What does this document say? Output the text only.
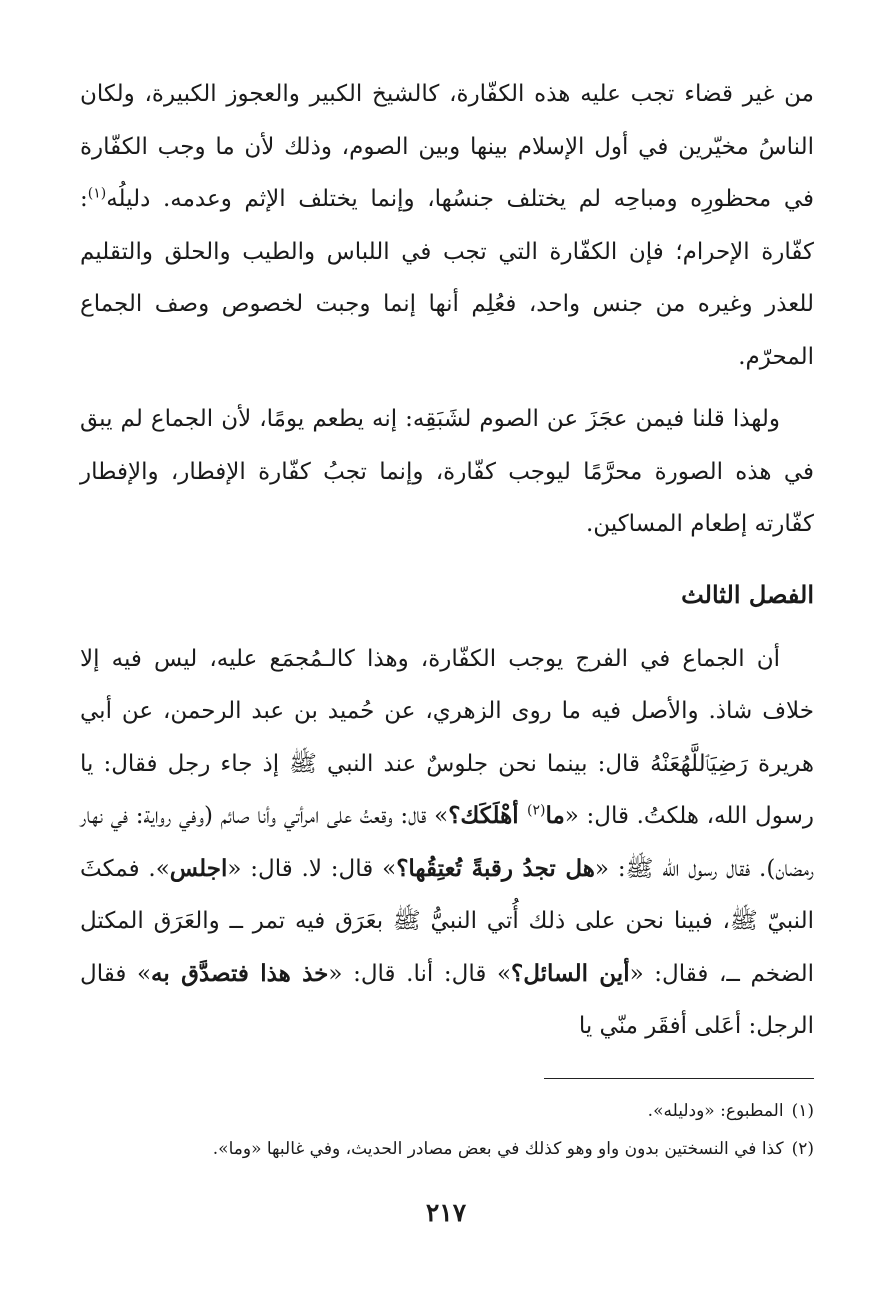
من غير قضاء تجب عليه هذه الكفّارة، كالشيخ الكبير والعجوز الكبيرة، ولكان الناسُ مخيّرين في أول الإسلام بينها وبين الصوم، وذلك لأن ما وجب الكفّارة في محظورِه ومباحِه لم يختلف جنسُها، وإنما يختلف الإثم وعدمه. دليلُه$^{(١)}$: كفّارة الإحرام؛ فإن الكفّارة التي تجب في اللباس والطيب والحلق والتقليم للعذر وغيره من جنس واحد، فعُلِم أنها إنما وجبت لخصوص وصف الجماع المحرّم.

ولهذا قلنا فيمن عجَزَ عن الصوم لشَبَقِه: إنه يطعم يومًا، لأن الجماع لم يبق في هذه الصورة محرَّمًا ليوجب كفّارة، وإنما تجبُ كفّارة الإفطار، والإفطار كفّارته إطعام المساكين.

الفصل الثالث

أن الجماع في الفرج يوجب الكفّارة، وهذا كالـمُجمَع عليه، ليس فيه إلا خلاف شاذ. والأصل فيه ما روى الزهري، عن حُميد بن عبد الرحمن، عن أبي هريرة رَضِيَٱللَّهُعَنْهُ قال: بينما نحن جلوسٌ عند النبي ﷺ إذ جاء رجل فقال: يا رسول الله، هلكتُ. قال: «ما$^{(٢)}$ أهْلَكَك؟» قال: وقعتُ على امرأتي وأنا صائم (وفي رواية: في نهار رمضان). فقال رسول الله ﷺ: «هل تجدُ رقبةً تُعتِقُها؟» قال: لا. قال: «اجلس». فمكثَ النبيّ ﷺ، فبينا نحن على ذلك أُتي النبيُّ ﷺ بعَرَق فيه تمر ــ والعَرَق المكتل الضخم ــ، فقال: «أين السائل؟» قال: أنا. قال: «خذ هذا فتصدَّق به» فقال الرجل: أعَلى أفقَر منّي يا

(١)المطبوع: «ودليله».

(٢)كذا في النسختين بدون واو وهو كذلك في بعض مصادر الحديث، وفي غالبها «وما».

٢١٧
